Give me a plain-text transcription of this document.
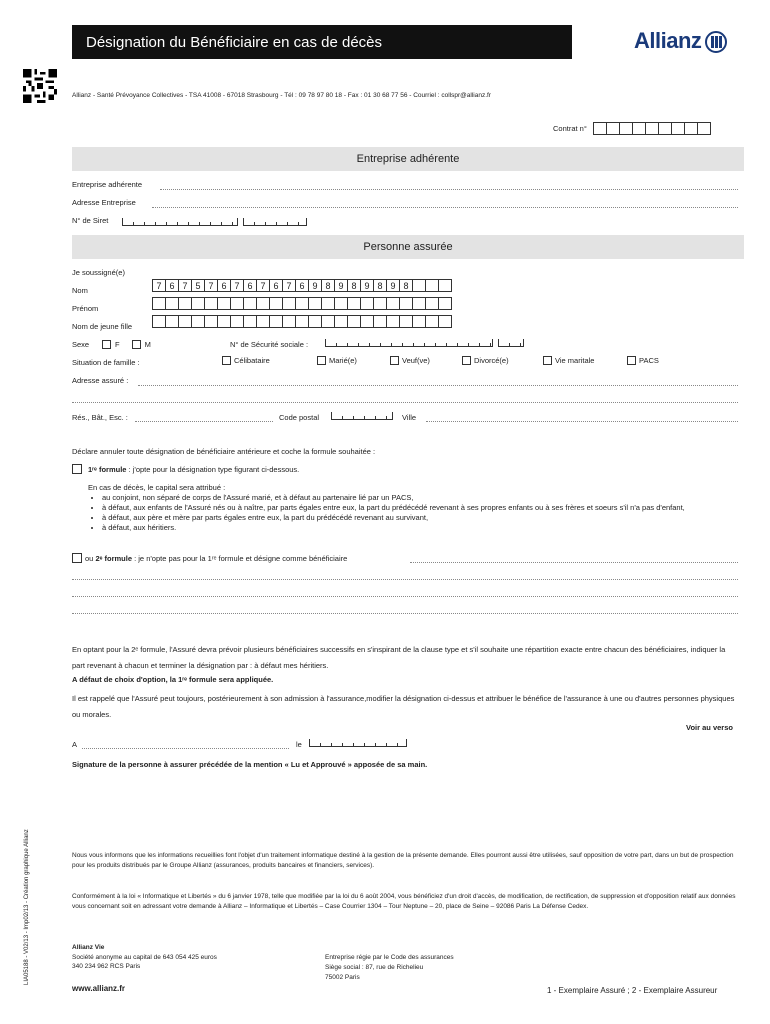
Désignation du Bénéficiaire en cas de décès	Allianz
Allianz - Santé Prévoyance Collectives - TSA 41008 - 67018 Strasbourg - Tél : 09 78 97 80 18 - Fax : 01 30 68 77 56 - Courriel : collspr@allianz.fr
Contrat n°
Entreprise adhérente
Entreprise adhérente
Adresse Entreprise
N° de Siret
Personne assurée
Je soussigné(e)
Nom	7 6 7 5 7 6 7 6 7 6 7 6 9 8 9 8 9 8 9 8
Prénom
Nom de jeune fille
Sexe	F	M	N° de Sécurité sociale :
Situation de famille :	Célibataire	Marié(e)	Veuf(ve)	Divorcé(e)	Vie maritale	PACS
Adresse assuré :
Rés., Bât., Esc. :	Code postal	Ville
Déclare annuler toute désignation de bénéficiaire antérieure et coche la formule souhaitée :
1ʳᵉ formule : j'opte pour la désignation type figurant ci-dessous.
En cas de décès, le capital sera attribué :
• au conjoint, non séparé de corps de l'Assuré marié, et à défaut au partenaire lié par un PACS,
• à défaut, aux enfants de l'Assuré nés ou à naître, par parts égales entre eux, la part du prédécédé revenant à ses propres enfants ou à ses frères et soeurs s'il n'a pas d'enfant,
• à défaut, aux père et mère par parts égales entre eux, la part du prédécédé revenant au survivant,
• à défaut, aux héritiers.
ou 2ᵉ formule : je n'opte pas pour la 1ʳᵉ formule et désigne comme bénéficiaire
En optant pour la 2ᵉ formule, l'Assuré devra prévoir plusieurs bénéficiaires successifs en s'inspirant de la clause type et s'il souhaite une répartition exacte entre chacun des bénéficiaires, indiquer la part revenant à chacun et terminer la désignation par : à défaut mes héritiers.
A défaut de choix d'option, la 1ʳᵉ formule sera appliquée.
Il est rappelé que l'Assuré peut toujours, postérieurement à son admission à l'assurance,modifier la désignation ci-dessus et attribuer le bénéfice de l'assurance à une ou d'autres personnes physiques ou morales.
Voir au verso
A	le
Signature de la personne à assurer précédée de la mention « Lu et Approuvé » apposée de sa main.
LIA05188 - V02/13 - Imp02/13 - Création graphique Allianz	Nous vous informons que les informations recueillies font l'objet d'un traitement informatique destiné à la gestion de la présente demande. Elles pourront aussi être utilisées, sauf opposition de votre part, dans un but de prospection pour les produits distribués par le Groupe Allianz (assurances, produits bancaires et financiers, services).
Conformément à la loi « Informatique et Libertés » du 6 janvier 1978, telle que modifiée par la loi du 6 août 2004, vous bénéficiez d'un droit d'accès, de modification, de rectification, de suppression et d'opposition relatif aux données vous concernant soit en adressant votre demande à Allianz – Informatique et Libertés – Case Courrier 1304 – Tour Neptune – 20, place de Seine – 92086 Paris La Défense Cedex.
Allianz Vie
Société anonyme au capital de 643 054 425 euros
340 234 962 RCS Paris
Entreprise régie par le Code des assurances
Siège social : 87, rue de Richelieu
75002 Paris
www.allianz.fr	1 - Exemplaire Assuré ; 2 - Exemplaire Assureur
